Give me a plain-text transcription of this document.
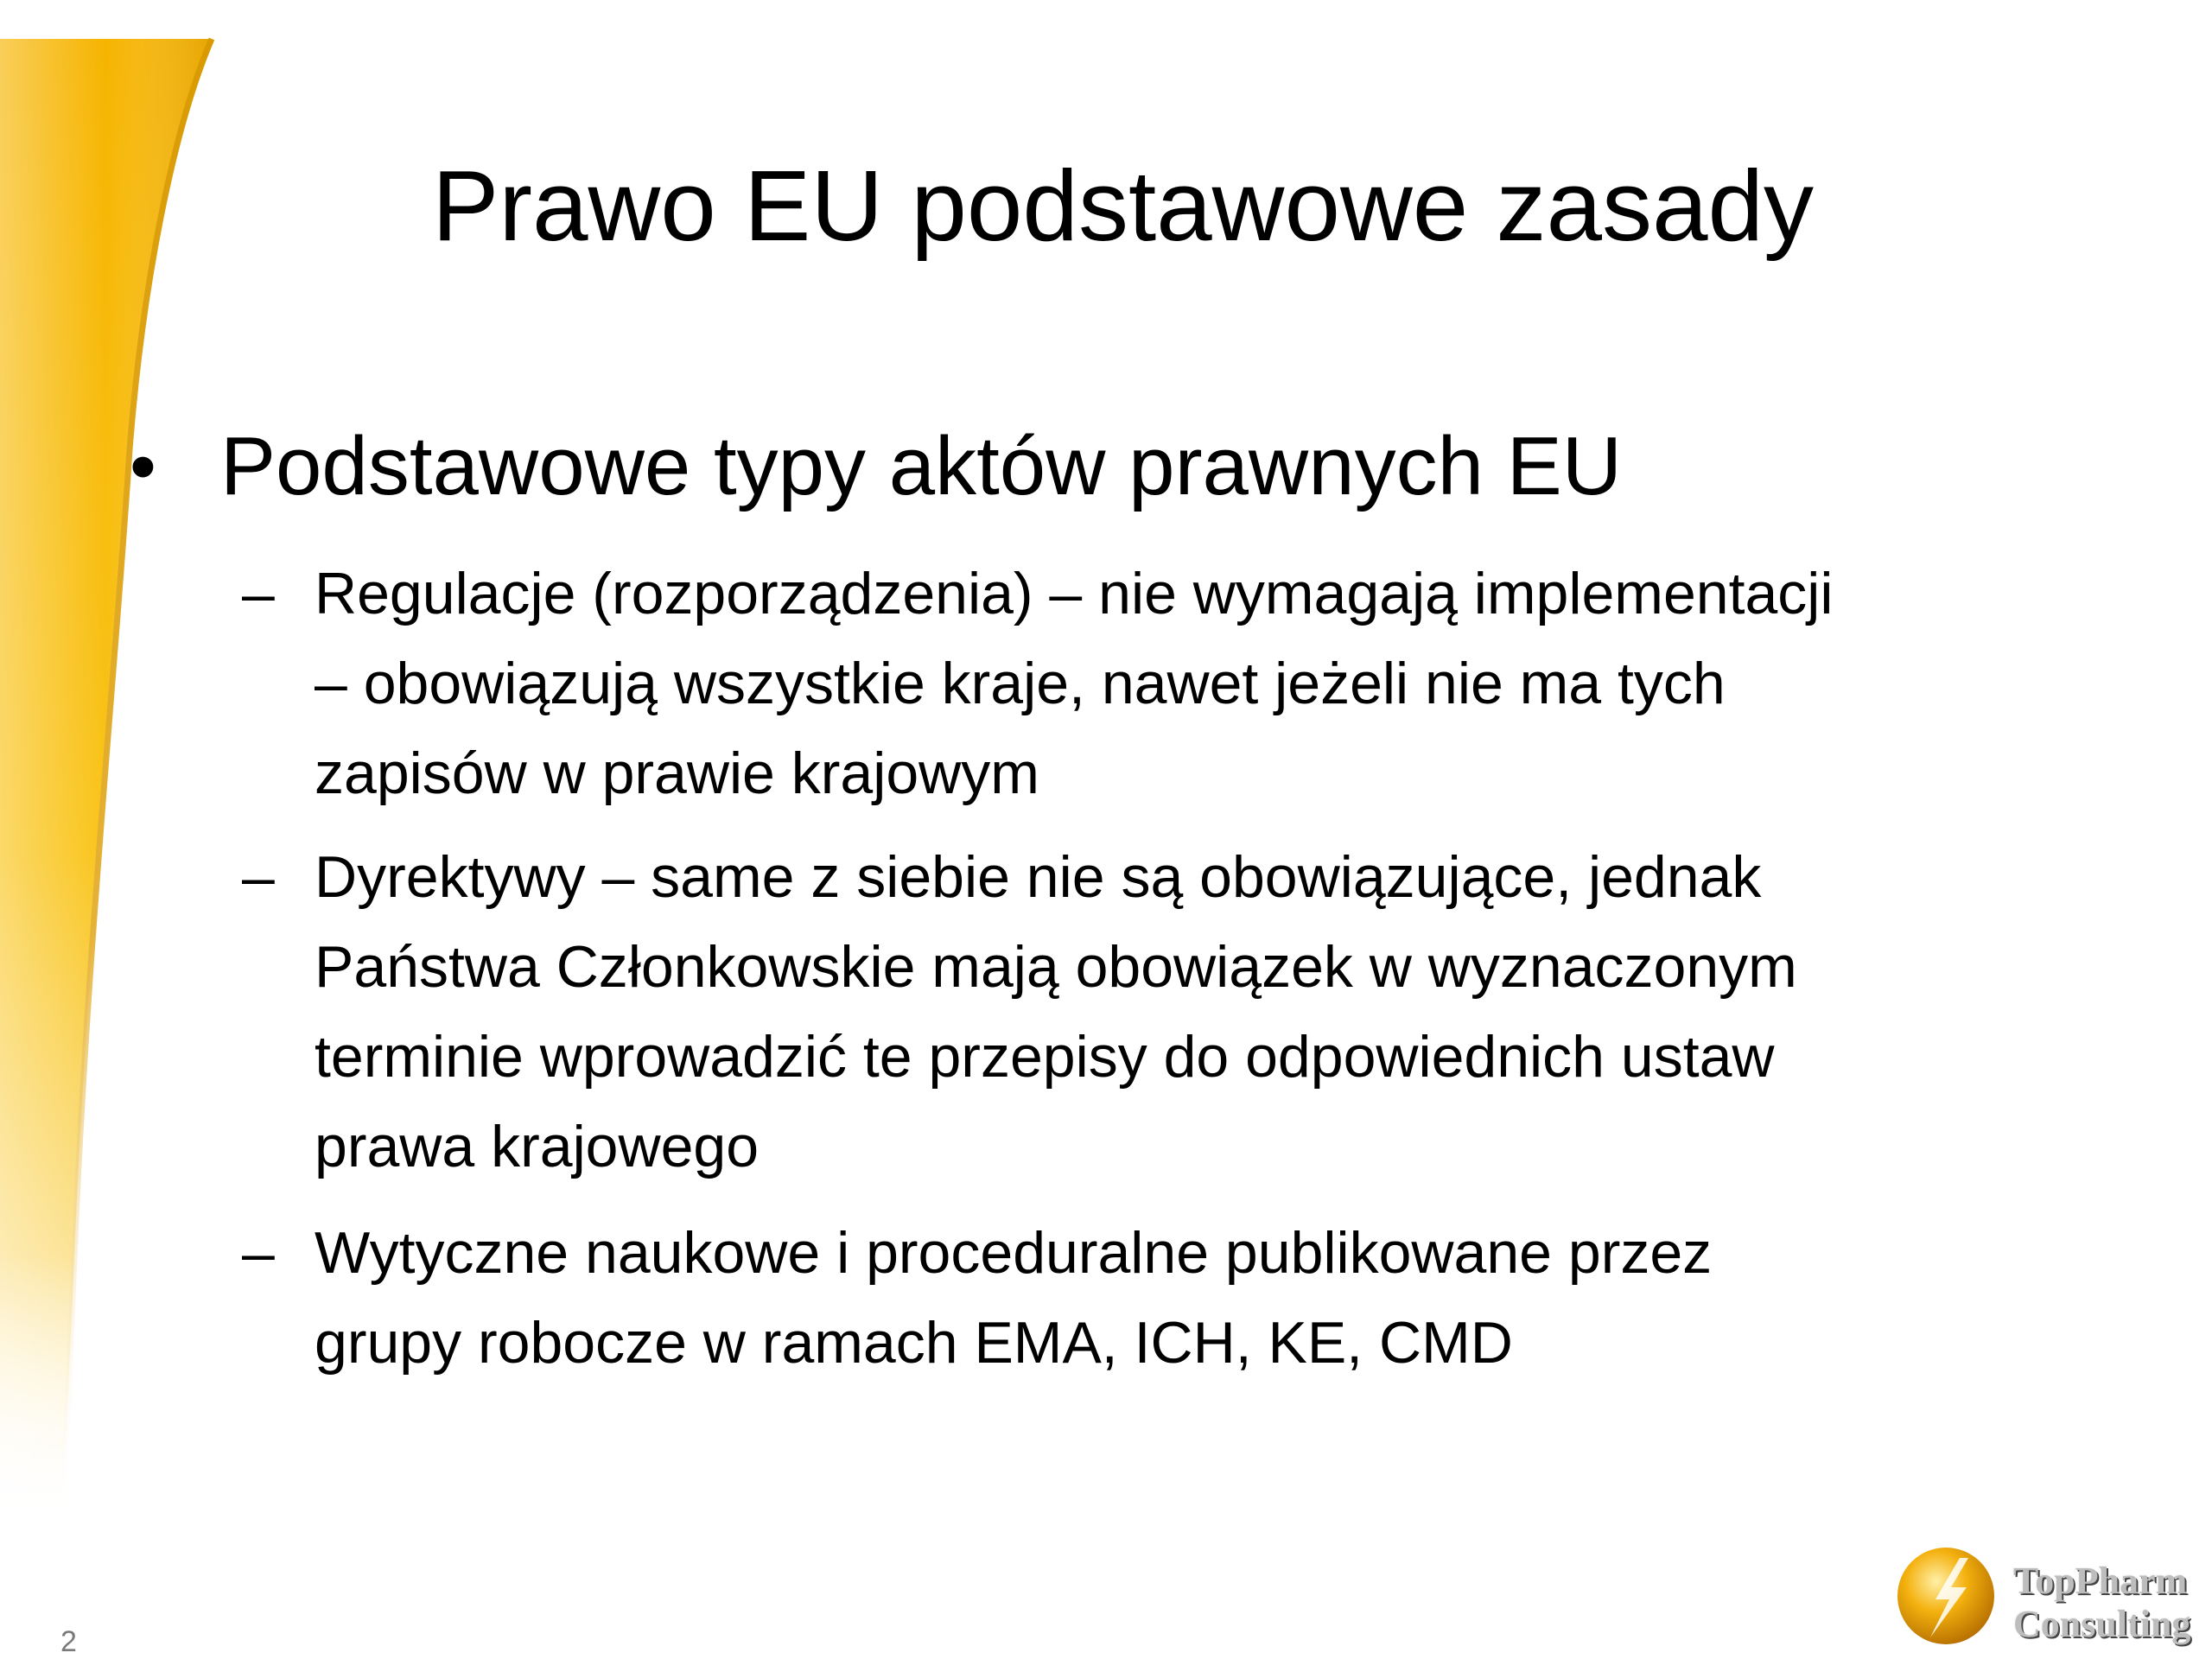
Prawo EU podstawowe zasady
• Podstawowe typy aktów prawnych EU
– Regulacje (rozporządzenia) – nie wymagają implementacji
– obowiązują wszystkie kraje, nawet jeżeli nie ma tych
zapisów w prawie krajowym
– Dyrektywy – same z siebie nie są obowiązujące, jednak
Państwa Członkowskie mają obowiązek w wyznaczonym
terminie wprowadzić te przepisy do odpowiednich ustaw
prawa krajowego
– Wytyczne naukowe i proceduralne publikowane przez
grupy robocze w ramach EMA, ICH, KE, CMD
2
TopPharm
Consulting
